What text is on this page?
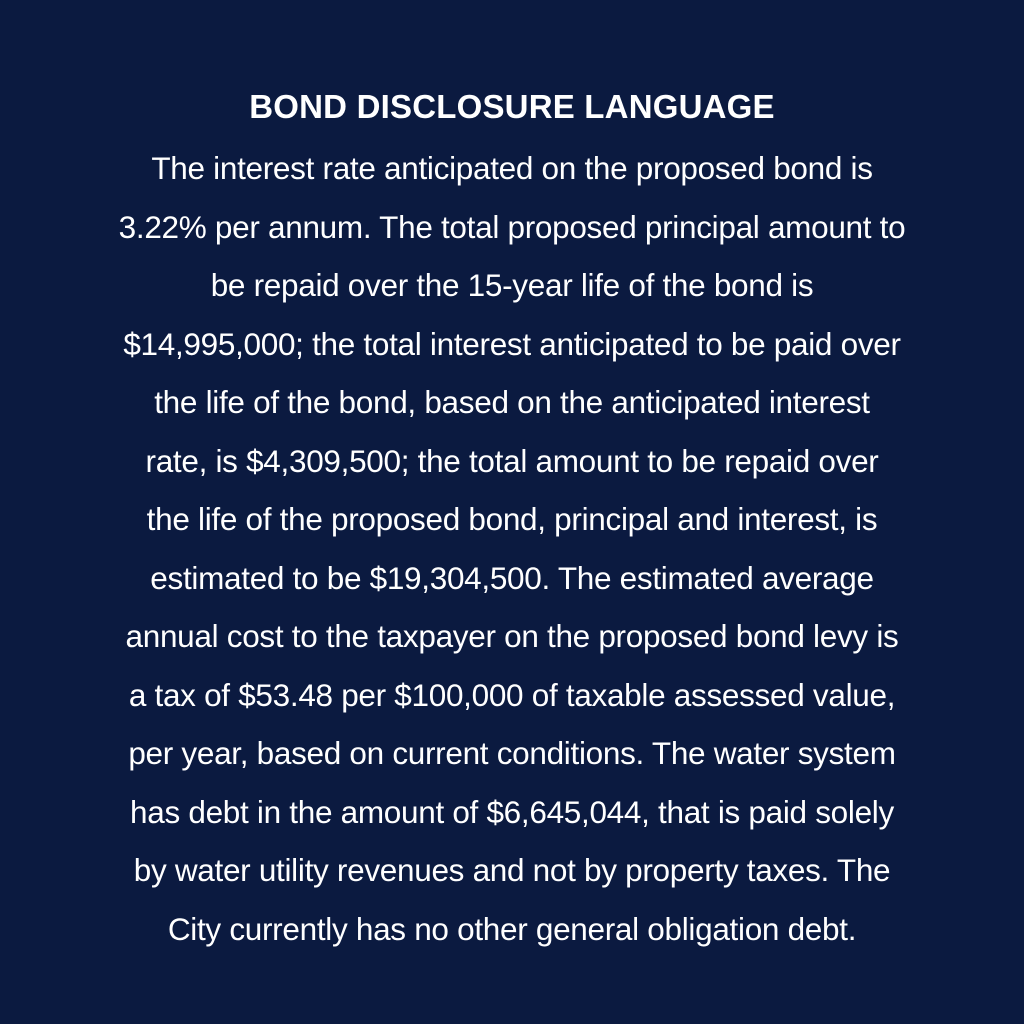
BOND DISCLOSURE LANGUAGE
The interest rate anticipated on the proposed bond is
3.22% per annum. The total proposed principal amount to
be repaid over the 15-year life of the bond is
$14,995,000; the total interest anticipated to be paid over
the life of the bond, based on the anticipated interest
rate, is $4,309,500; the total amount to be repaid over
the life of the proposed bond, principal and interest, is
estimated to be $19,304,500. The estimated average
annual cost to the taxpayer on the proposed bond levy is
a tax of $53.48 per $100,000 of taxable assessed value,
per year, based on current conditions. The water system
has debt in the amount of $6,645,044, that is paid solely
by water utility revenues and not by property taxes. The
City currently has no other general obligation debt.
